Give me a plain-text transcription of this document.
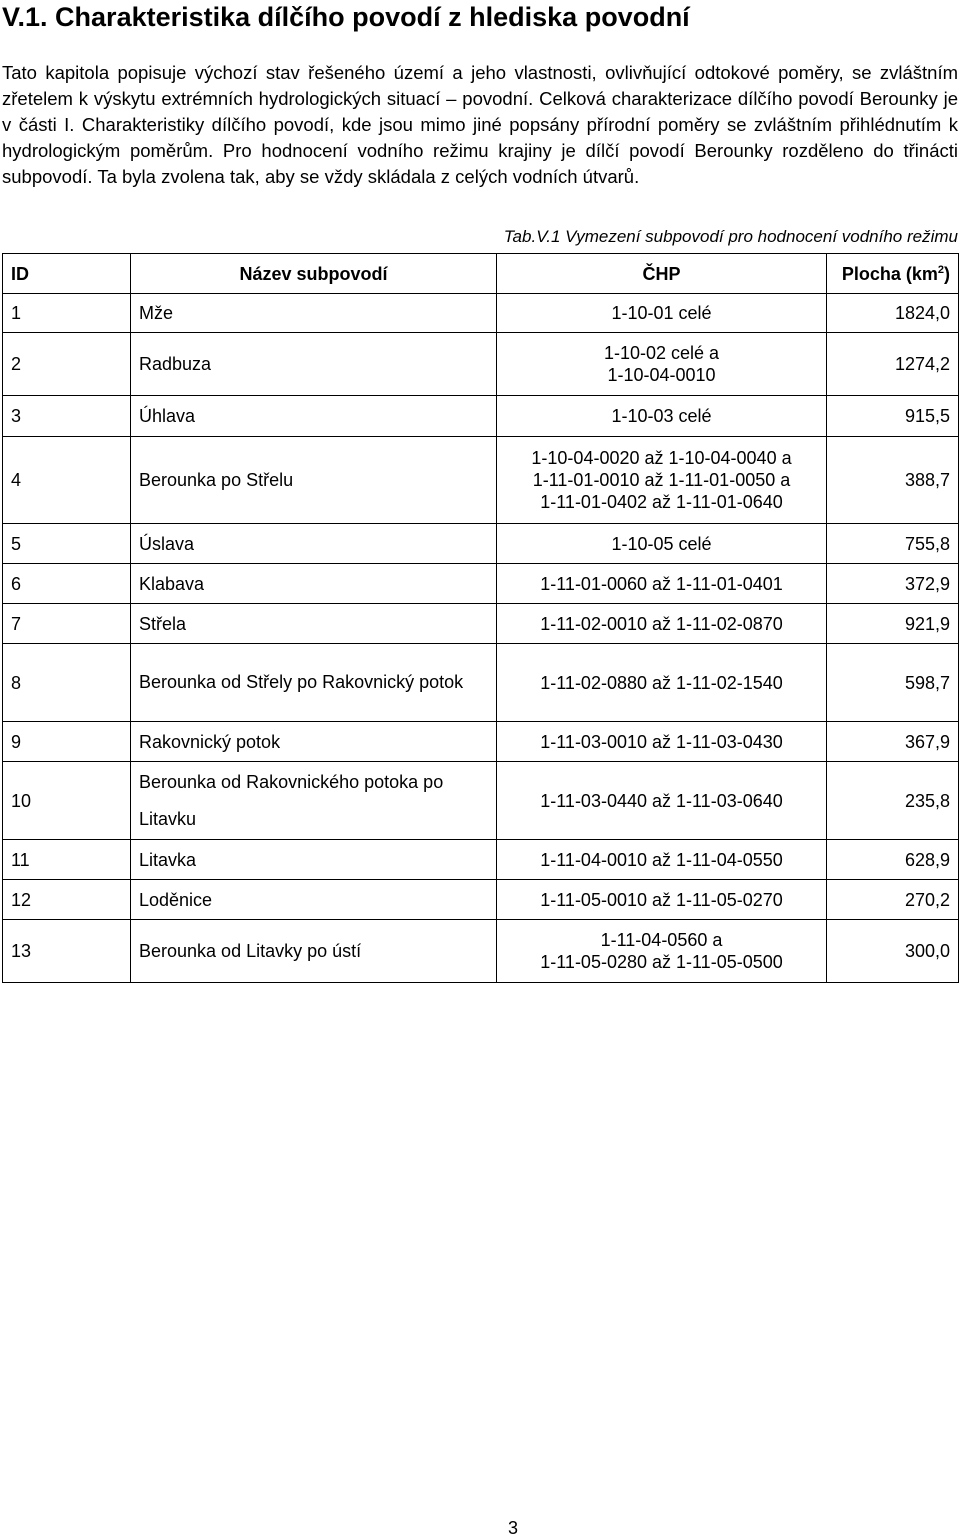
V.1. Charakteristika dílčího povodí z hlediska povodní

Tato kapitola popisuje výchozí stav řešeného území a jeho vlastnosti, ovlivňující odtokové poměry, se zvláštním zřetelem k výskytu extrémních hydrologických situací – povodní. Celková charakterizace dílčího povodí Berounky je v části I. Charakteristiky dílčího povodí, kde jsou mimo jiné popsány přírodní poměry se zvláštním přihlédnutím k hydrologickým poměrům. Pro hodnocení vodního režimu krajiny je dílčí povodí Berounky rozděleno do třinácti subpovodí. Ta byla zvolena tak, aby se vždy skládala z celých vodních útvarů.

Tab.V.1 Vymezení subpovodí pro hodnocení vodního režimu

ID	Název subpovodí	ČHP	Plocha $(km^2)$
1	Mže	1-10-01 celé	1824,0
2	Radbuza	1-10-02 celé a
1-10-04-0010	1274,2
3	Úhlava	1-10-03 celé	915,5
4	Berounka po Střelu	1-10-04-0020 až 1-10-04-0040 a
1-11-01-0010 až 1-11-01-0050 a
1-11-01-0402 až 1-11-01-0640	388,7
5	Úslava	1-10-05 celé	755,8
6	Klabava	1-11-01-0060 až 1-11-01-0401	372,9
7	Střela	1-11-02-0010 až 1-11-02-0870	921,9
8	Berounka od Střely po Rakovnický potok	1-11-02-0880 až 1-11-02-1540	598,7
9	Rakovnický potok	1-11-03-0010 až 1-11-03-0430	367,9
10	Berounka od Rakovnického potoka po Litavku	1-11-03-0440 až 1-11-03-0640	235,8
11	Litavka	1-11-04-0010 až 1-11-04-0550	628,9
12	Loděnice	1-11-05-0010 až 1-11-05-0270	270,2
13	Berounka od Litavky po ústí	1-11-04-0560 a
1-11-05-0280 až 1-11-05-0500	300,0

3
